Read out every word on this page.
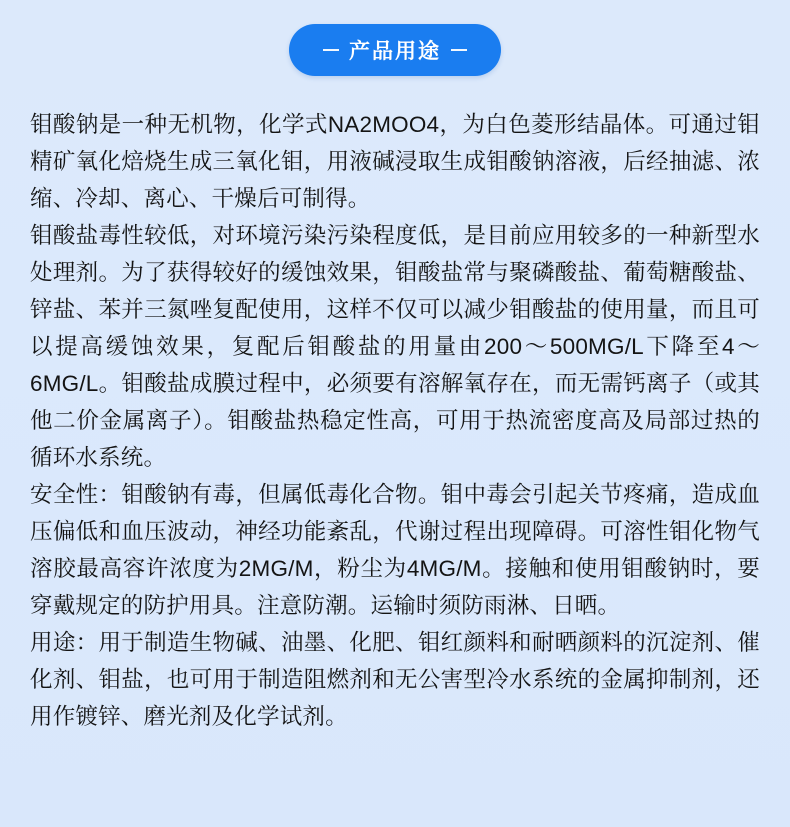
产品用途

钼酸钠是一种无机物，化学式NA2MOO4，为白色菱形结晶体。可通过钼精矿氧化焙烧生成三氧化钼，用液碱浸取生成钼酸钠溶液，后经抽滤、浓缩、冷却、离心、干燥后可制得。

钼酸盐毒性较低，对环境污染污染程度低，是目前应用较多的一种新型水处理剂。为了获得较好的缓蚀效果，钼酸盐常与聚磷酸盐、葡萄糖酸盐、锌盐、苯并三氮唑复配使用，这样不仅可以减少钼酸盐的使用量，而且可以提高缓蚀效果，复配后钼酸盐的用量由200～500MG/L下降至4～6MG/L。钼酸盐成膜过程中，必须要有溶解氧存在，而无需钙离子（或其他二价金属离子）。钼酸盐热稳定性高，可用于热流密度高及局部过热的循环水系统。

安全性：钼酸钠有毒，但属低毒化合物。钼中毒会引起关节疼痛，造成血压偏低和血压波动，神经功能紊乱，代谢过程出现障碍。可溶性钼化物气溶胶最高容许浓度为2MG/M，粉尘为4MG/M。接触和使用钼酸钠时，要穿戴规定的防护用具。注意防潮。运输时须防雨淋、日晒。

用途：用于制造生物碱、油墨、化肥、钼红颜料和耐晒颜料的沉淀剂、催化剂、钼盐，也可用于制造阻燃剂和无公害型冷水系统的金属抑制剂，还用作镀锌、磨光剂及化学试剂。
